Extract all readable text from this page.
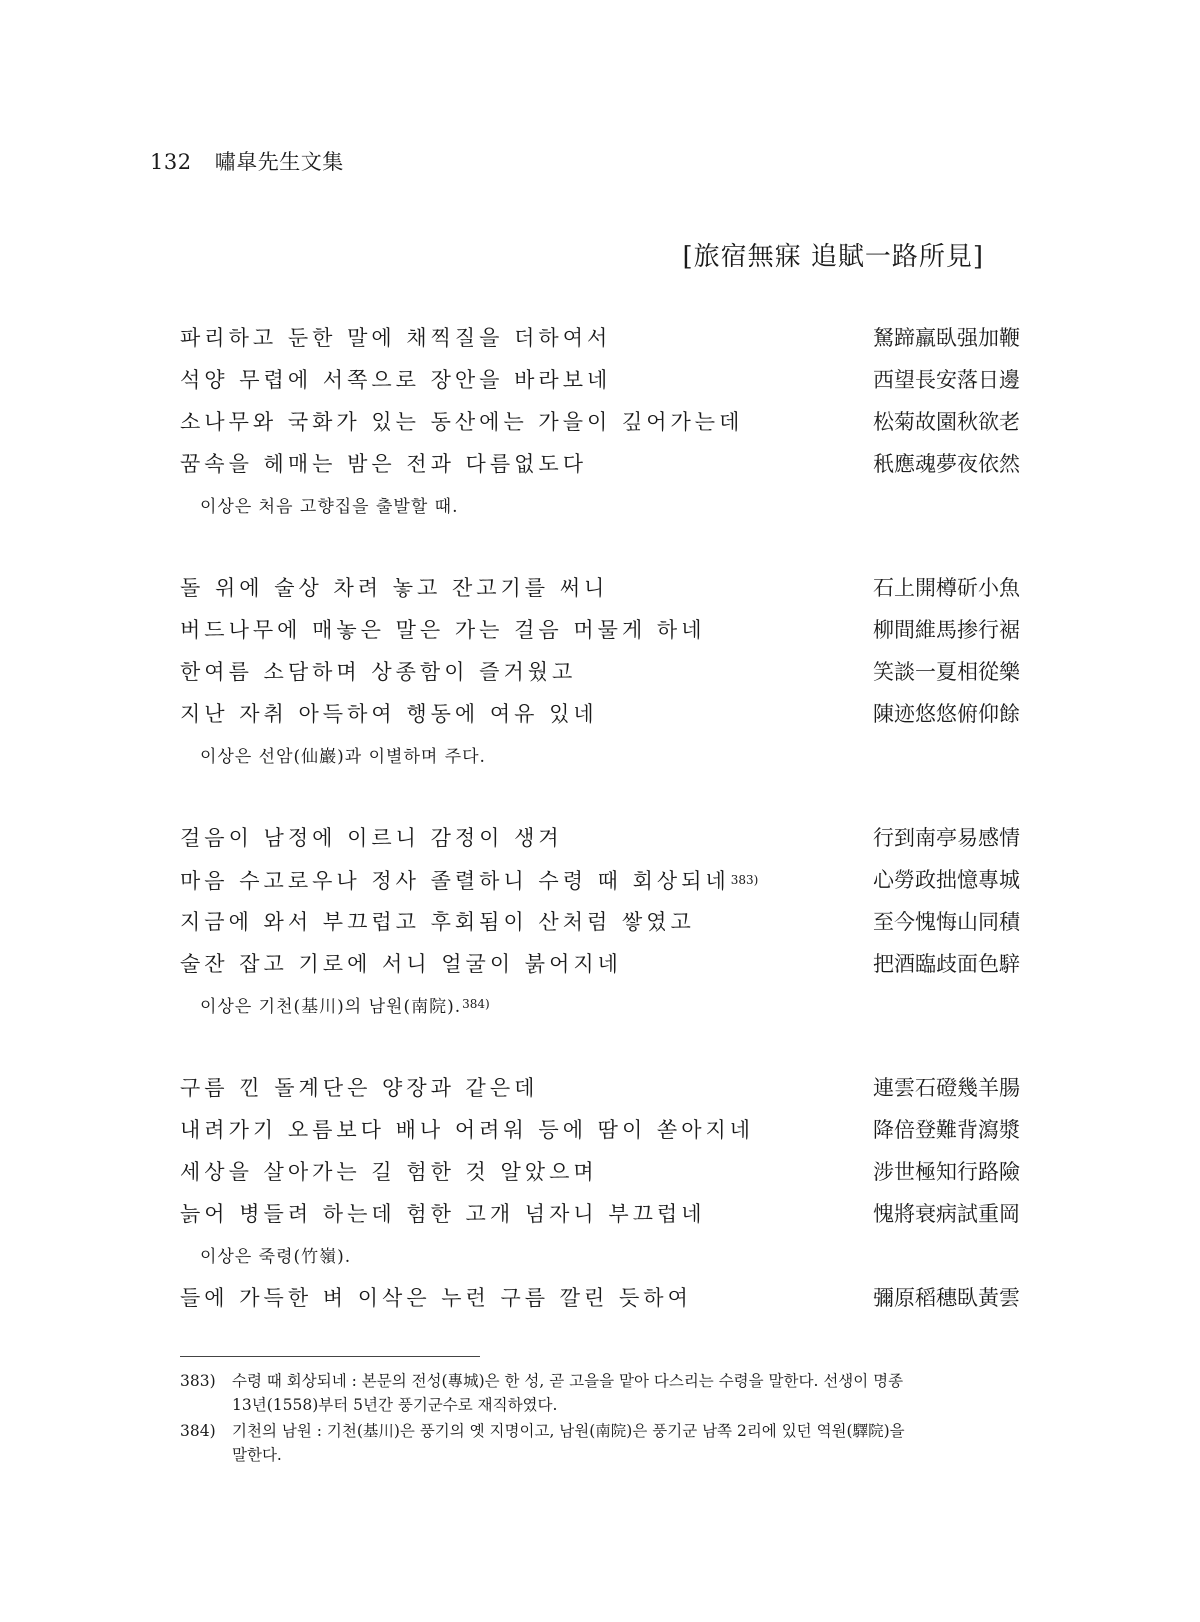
132 嘯皐先生文集
[旅宿無寐 追賦一路所見]
파리하고 둔한 말에 채찍질을 더하여서	駑蹄羸臥强加鞭
석양 무렵에 서쪽으로 장안을 바라보네	西望長安落日邊
소나무와 국화가 있는 동산에는 가을이 깊어가는데	松菊故園秋欲老
꿈속을 헤매는 밤은 전과 다름없도다	秖應魂夢夜依然
이상은 처음 고향집을 출발할 때.
돌 위에 술상 차려 놓고 잔고기를 써니	石上開樽斫小魚
버드나무에 매놓은 말은 가는 걸음 머물게 하네	柳間維馬掺行裾
한여름 소담하며 상종함이 즐거웠고	笑談一夏相從樂
지난 자취 아득하여 행동에 여유 있네	陳迹悠悠俯仰餘
이상은 선암(仙巖)과 이별하며 주다.
걸음이 남정에 이르니 감정이 생겨	行到南亭易感情
마음 수고로우나 정사 졸렬하니 수령 때 회상되네$^{383)}$	心勞政拙憶專城
지금에 와서 부끄럽고 후회됨이 산처럼 쌓였고	至今愧悔山同積
술잔 잡고 기로에 서니 얼굴이 붉어지네	把酒臨歧面色騂
이상은 기천(基川)의 남원(南院).$^{384)}$
구름 낀 돌계단은 양장과 같은데	連雲石磴幾羊腸
내려가기 오름보다 배나 어려워 등에 땀이 쏟아지네	降倍登難背瀉漿
세상을 살아가는 길 험한 것 알았으며	涉世極知行路險
늙어 병들려 하는데 험한 고개 넘자니 부끄럽네	愧將衰病試重岡
이상은 죽령(竹嶺).
들에 가득한 벼 이삭은 누런 구름 깔린 듯하여	彌原稻穗臥黃雲
383) 수령 때 회상되네 : 본문의 전성(專城)은 한 성, 곧 고을을 맡아 다스리는 수령을 말한다. 선생이 명종
13년(1558)부터 5년간 풍기군수로 재직하였다.
384) 기천의 남원 : 기천(基川)은 풍기의 옛 지명이고, 남원(南院)은 풍기군 남쪽 2리에 있던 역원(驛院)을
말한다.
